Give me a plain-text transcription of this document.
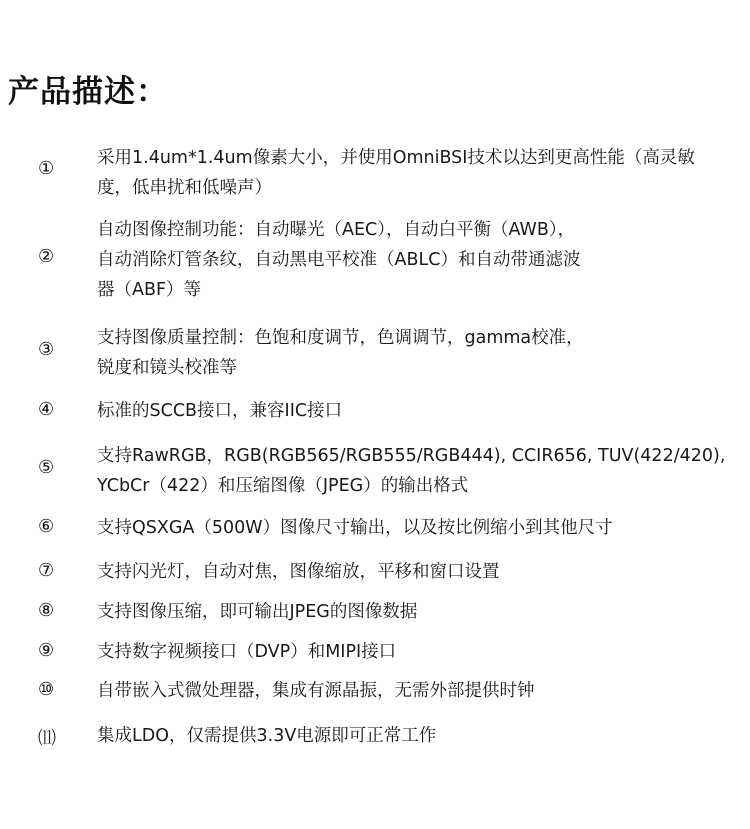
产品描述：
① 采用1.4um*1.4um像素大小，并使用OmniBSI技术以达到更高性能（高灵敏
度，低串扰和低噪声）
②
自动图像控制功能：自动曝光（AEC），自动白平衡（AWB），
自动消除灯管条纹，自动黑电平校准（ABLC）和自动带通滤波
器（ABF）等
③
支持图像质量控制：色饱和度调节，色调调节，gamma校准，
锐度和镜头校准等
④ 标准的SCCB接口，兼容IIC接口
⑤
支持RawRGB，RGB(RGB565/RGB555/RGB444), CCIR656, TUV(422/420),
YCbCr（422）和压缩图像（JPEG）的输出格式
⑥ 支持QSXGA（500W）图像尺寸输出，以及按比例缩小到其他尺寸
⑦ 支持闪光灯，自动对焦，图像缩放，平移和窗口设置
⑧ 支持图像压缩，即可输出JPEG的图像数据
⑨ 支持数字视频接口（DVP）和MIPI接口
⑩ 自带嵌入式微处理器，集成有源晶振，无需外部提供时钟
⑾ 集成LDO，仅需提供3.3V电源即可正常工作
